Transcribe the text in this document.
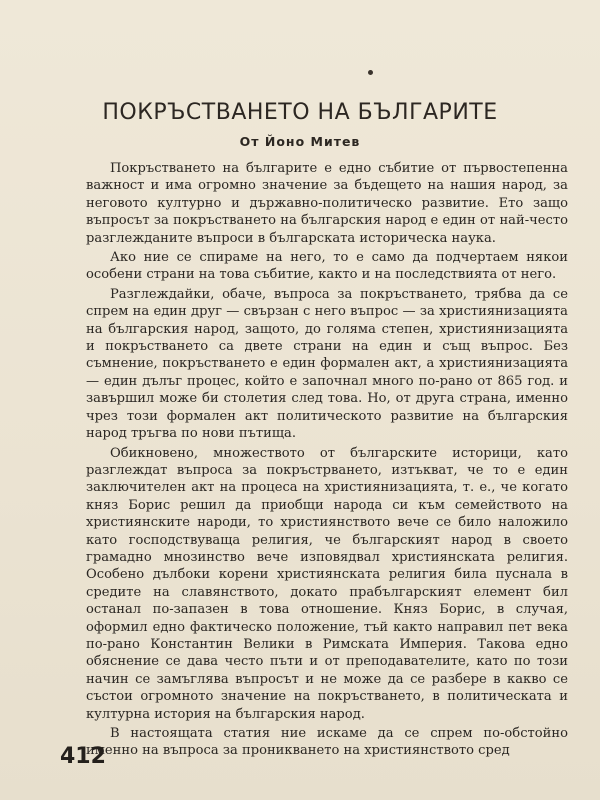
ПОКРЪСТВАНЕТО НА БЪЛГАРИТЕ
От Йоно Митев

Покръстването на българите е едно събитие от първостепенна важност и има огромно значение за бъдещето на нашия народ, за неговото културно и държавно-политическо развитие. Ето защо въпросът за покръстването на българския народ е един от най-често разглежданите въпроси в българската историческа наука.

Ако ние се спираме на него, то е само да подчертаем някои особени страни на това събитие, както и на последствията от него.

Разглеждайки, обаче, въпроса за покръстването, трябва да се спрем на един друг — свързан с него въпрос — за християнизацията на българския народ, защото, до голяма степен, християнизацията и покръстването са двете страни на един и същ въпрос. Без съмнение, покръстването е един формален акт, а християнизацията — един дълъг процес, който е започнал много по-рано от 865 год. и завършил може би столетия след това. Но, от друга страна, именно чрез този формален акт политическото развитие на българския народ тръгва по нови пътища.

Обикновено, множеството от българските историци, като разглеждат въпроса за покръстрването, изтъкват, че то е един заключителен акт на процеса на християнизацията, т. е., че когато княз Борис решил да приобщи народа си към семейството на християнските народи, то християнството вече се било наложило като господствуваща религия, че българският народ в своето грамадно мнозинство вече изповядвал християнската религия. Особено дълбоки корени християнската религия била пуснала в средите на славянството, докато прабългарският елемент бил останал по-запазен в това отношение. Княз Борис, в случая, оформил едно фактическо положение, тъй както направил пет века по-рано Константин Велики в Римската Империя. Такова едно обяснение се дава често пъти и от преподавателите, като по този начин се замъглява въпросът и не може да се разбере в какво се състои огромното значение на покръстването, в политическата и културна история на българския народ.

В настоящата статия ние искаме да се спрем по-обстойно именно на въпроса за проникването на християнството сред

412
